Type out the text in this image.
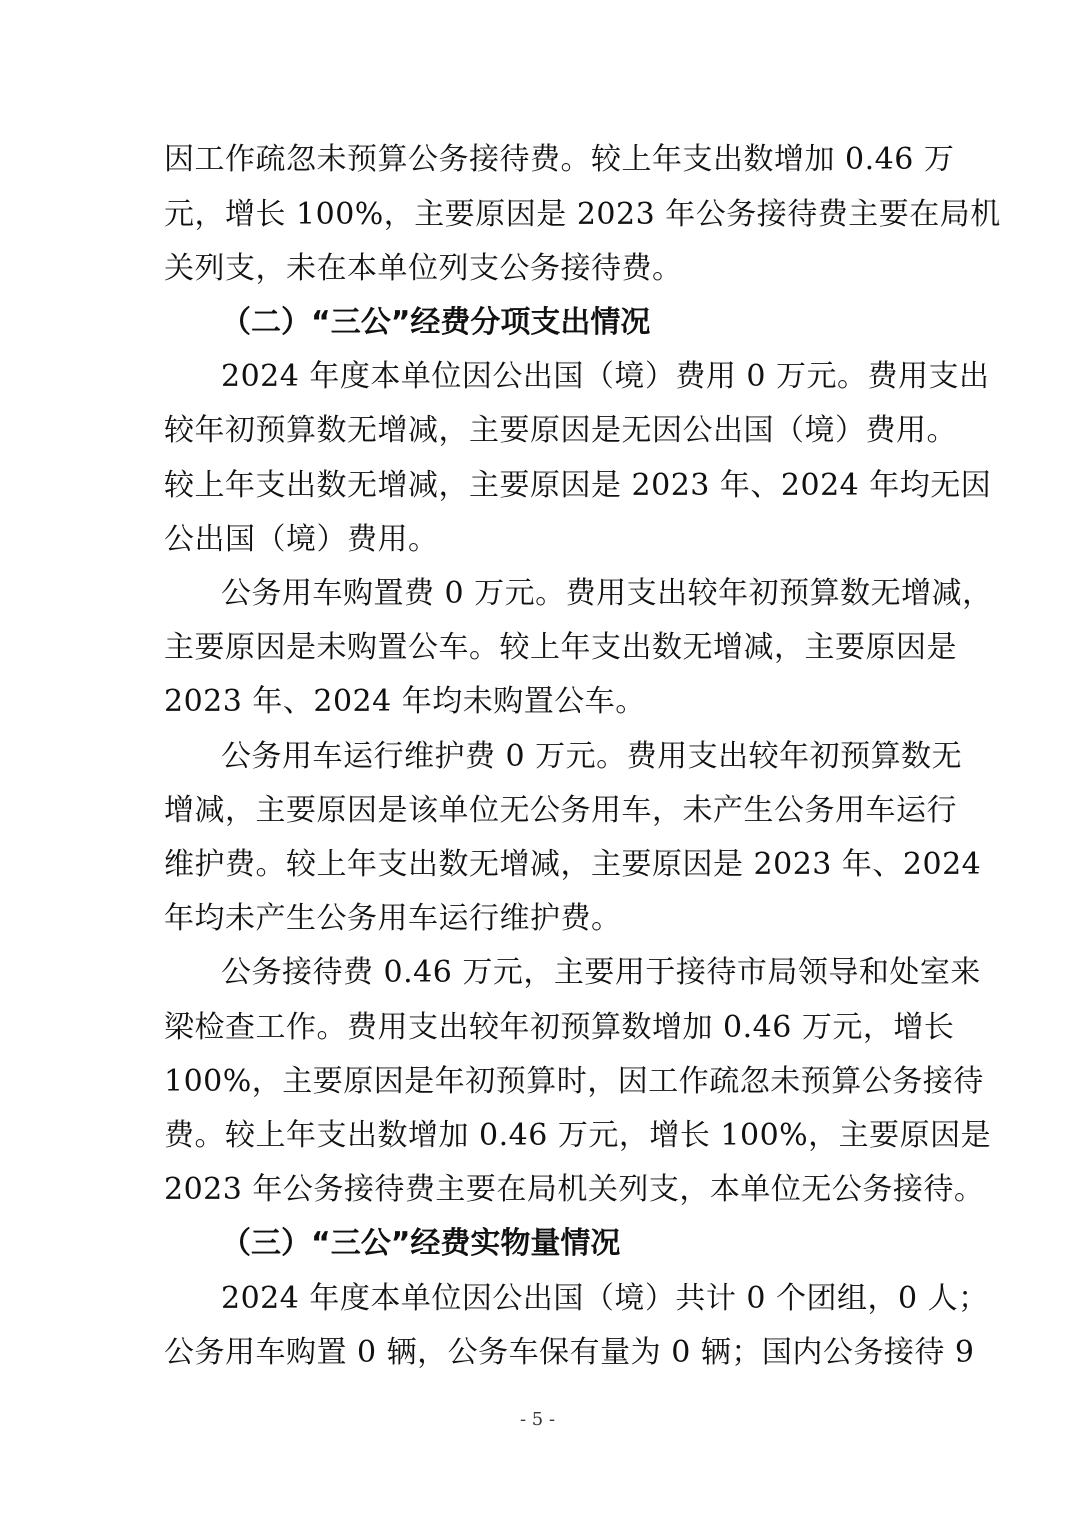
因工作疏忽未预算公务接待费。较上年支出数增加 0.46 万
元，增长 100%，主要原因是 2023 年公务接待费主要在局机
关列支，未在本单位列支公务接待费。
（二）“三公”经费分项支出情况
2024 年度本单位因公出国（境）费用 0 万元。费用支出
较年初预算数无增减，主要原因是无因公出国（境）费用。
较上年支出数无增减，主要原因是 2023 年、2024 年均无因
公出国（境）费用。
公务用车购置费 0 万元。费用支出较年初预算数无增减，
主要原因是未购置公车。较上年支出数无增减，主要原因是
2023 年、2024 年均未购置公车。
公务用车运行维护费 0 万元。费用支出较年初预算数无
增减，主要原因是该单位无公务用车，未产生公务用车运行
维护费。较上年支出数无增减，主要原因是 2023 年、2024
年均未产生公务用车运行维护费。
公务接待费 0.46 万元，主要用于接待市局领导和处室来
梁检查工作。费用支出较年初预算数增加 0.46 万元，增长
100%，主要原因是年初预算时，因工作疏忽未预算公务接待
费。较上年支出数增加 0.46 万元，增长 100%，主要原因是
2023 年公务接待费主要在局机关列支，本单位无公务接待。
（三）“三公”经费实物量情况
2024 年度本单位因公出国（境）共计 0 个团组，0 人；
公务用车购置 0 辆，公务车保有量为 0 辆；国内公务接待 9
- 5 -
